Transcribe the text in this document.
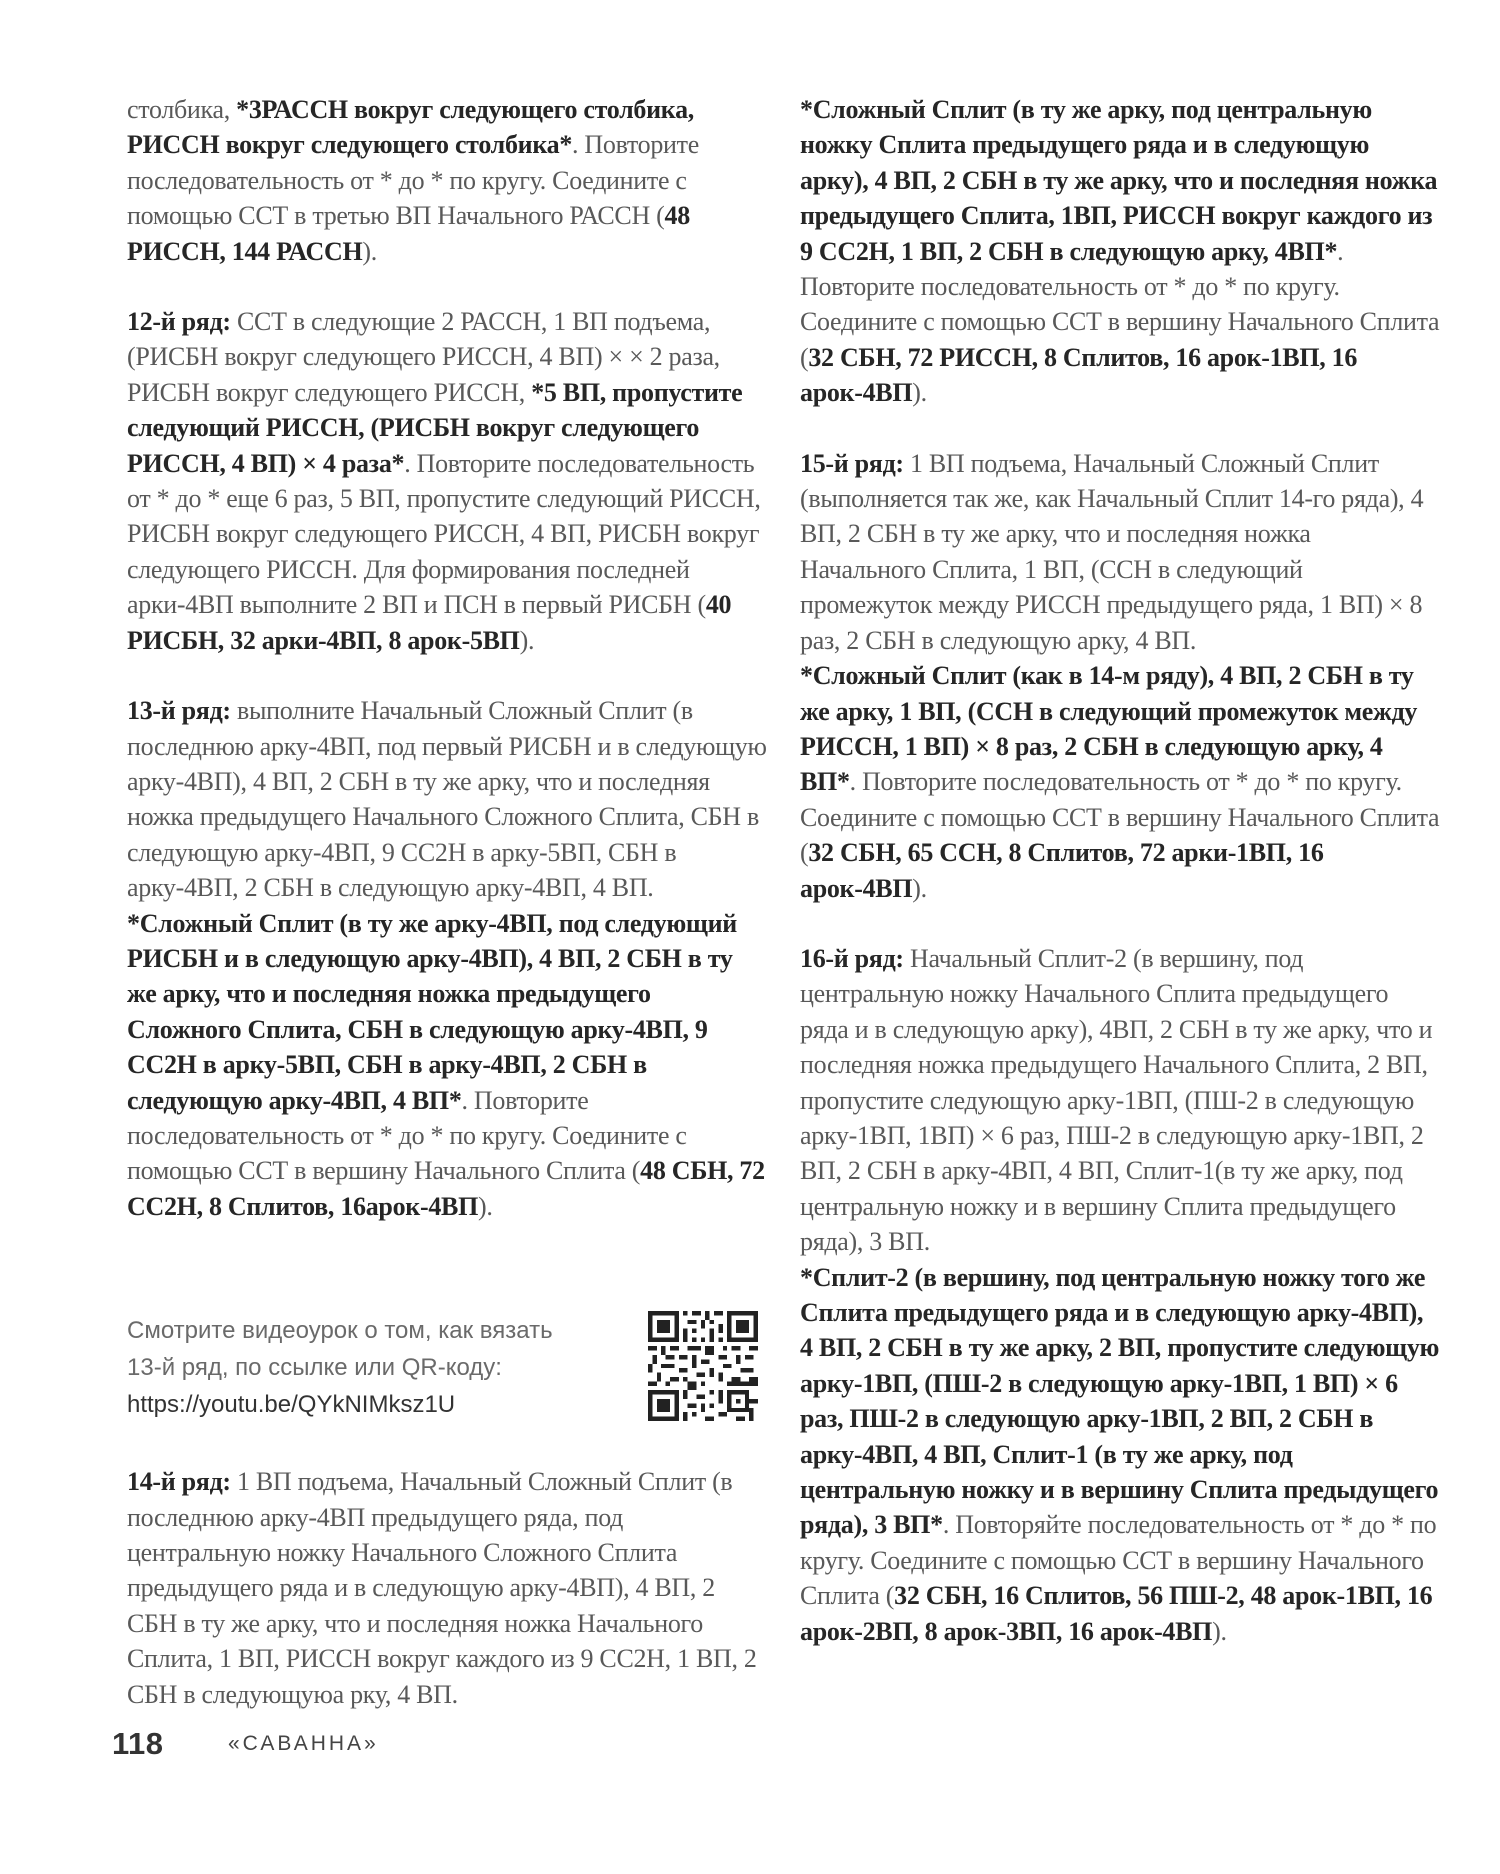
столбика, *3РАССН вокруг следующего столбика, РИССН вокруг следующего столбика*. Повторите последовательность от * до * по кругу. Соедините с помощью ССТ в третью ВП Начального РАССН (48 РИССН, 144 РАССН).

12-й ряд: ССТ в следующие 2 РАССН, 1 ВП подъема, (РИСБН вокруг следующего РИССН, 4 ВП) × × 2 раза, РИСБН вокруг следующего РИССН, *5 ВП, пропустите следующий РИССН, (РИСБН вокруг следующего РИССН, 4 ВП) × 4 раза*. Повторите последовательность от * до * еще 6 раз, 5 ВП, пропустите следующий РИССН, РИСБН вокруг следующего РИССН, 4 ВП, РИСБН вокруг следующего РИССН. Для формирования последней арки-4ВП выполните 2 ВП и ПСН в первый РИСБН (40 РИСБН, 32 арки-4ВП, 8 арок-5ВП).

13-й ряд: выполните Начальный Сложный Сплит (в последнюю арку-4ВП, под первый РИСБН и в следующую арку-4ВП), 4 ВП, 2 СБН в ту же арку, что и последняя ножка предыдущего Начального Сложного Сплита, СБН в следующую арку-4ВП, 9 СС2Н в арку-5ВП, СБН в арку-4ВП, 2 СБН в следующую арку-4ВП, 4 ВП.

*Сложный Сплит (в ту же арку-4ВП, под следующий РИСБН и в следующую арку-4ВП), 4 ВП, 2 СБН в ту же арку, что и последняя ножка предыдущего Сложного Сплита, СБН в следующую арку-4ВП, 9 СС2Н в арку-5ВП, СБН в арку-4ВП, 2 СБН в следующую арку-4ВП, 4 ВП*. Повторите последовательность от * до * по кругу. Соедините с помощью ССТ в вершину Начального Сплита (48 СБН, 72 СС2Н, 8 Сплитов, 16арок-4ВП).

14-й ряд: 1 ВП подъема, Начальный Сложный Сплит (в последнюю арку-4ВП предыдущего ряда, под центральную ножку Начального Сложного Сплита предыдущего ряда и в следующую арку-4ВП), 4 ВП, 2 СБН в ту же арку, что и последняя ножка Начального Сплита, 1 ВП, РИССН вокруг каждого из 9 СС2Н, 1 ВП, 2 СБН в следующуюа рку, 4 ВП.

Смотрите видеоурок о том, как вязать
13-й ряд, по ссылке или QR-коду:
https://youtu.be/QYkNIMksz1U

*Сложный Сплит (в ту же арку, под центральную ножку Сплита предыдущего ряда и в следующую арку), 4 ВП, 2 СБН в ту же арку, что и последняя ножка предыдущего Сплита, 1ВП, РИССН вокруг каждого из 9 СС2Н, 1 ВП, 2 СБН в следующую арку, 4ВП*. Повторите последовательность от * до * по кругу. Соедините с помощью ССТ в вершину Начального Сплита (32 СБН, 72 РИССН, 8 Сплитов, 16 арок-1ВП, 16 арок-4ВП).

15-й ряд: 1 ВП подъема, Начальный Сложный Сплит (выполняется так же, как Начальный Сплит 14-го ряда), 4 ВП, 2 СБН в ту же арку, что и последняя ножка Начального Сплита, 1 ВП, (ССН в следующий промежуток между РИССН предыдущего ряда, 1 ВП) × 8 раз, 2 СБН в следующую арку, 4 ВП.

*Сложный Сплит (как в 14-м ряду), 4 ВП, 2 СБН в ту же арку, 1 ВП, (ССН в следующий промежуток между РИССН, 1 ВП) × 8 раз, 2 СБН в следующую арку, 4 ВП*. Повторите последовательность от * до * по кругу. Соедините с помощью ССТ в вершину Начального Сплита (32 СБН, 65 ССН, 8 Сплитов, 72 арки-1ВП, 16 арок-4ВП).

16-й ряд: Начальный Сплит-2 (в вершину, под центральную ножку Начального Сплита предыдущего ряда и в следующую арку), 4ВП, 2 СБН в ту же арку, что и последняя ножка предыдущего Начального Сплита, 2 ВП, пропустите следующую арку-1ВП, (ПШ-2 в следующую арку-1ВП, 1ВП) × 6 раз, ПШ-2 в следующую арку-1ВП, 2 ВП, 2 СБН в арку-4ВП, 4 ВП, Сплит-1(в ту же арку, под центральную ножку и в вершину Сплита предыдущего ряда), 3 ВП.

*Сплит-2 (в вершину, под центральную ножку того же Сплита предыдущего ряда и в следующую арку-4ВП), 4 ВП, 2 СБН в ту же арку, 2 ВП, пропустите следующую арку-1ВП, (ПШ-2 в следующую арку-1ВП, 1 ВП) × 6 раз, ПШ-2 в следующую арку-1ВП, 2 ВП, 2 СБН в арку-4ВП, 4 ВП, Сплит-1 (в ту же арку, под центральную ножку и в вершину Сплита предыдущего ряда), 3 ВП*. Повторяйте последовательность от * до * по кругу. Соедините с помощью ССТ в вершину Начального Сплита (32 СБН, 16 Сплитов, 56 ПШ-2, 48 арок-1ВП, 16 арок-2ВП, 8 арок-3ВП, 16 арок-4ВП).

118	«САВАННА»
